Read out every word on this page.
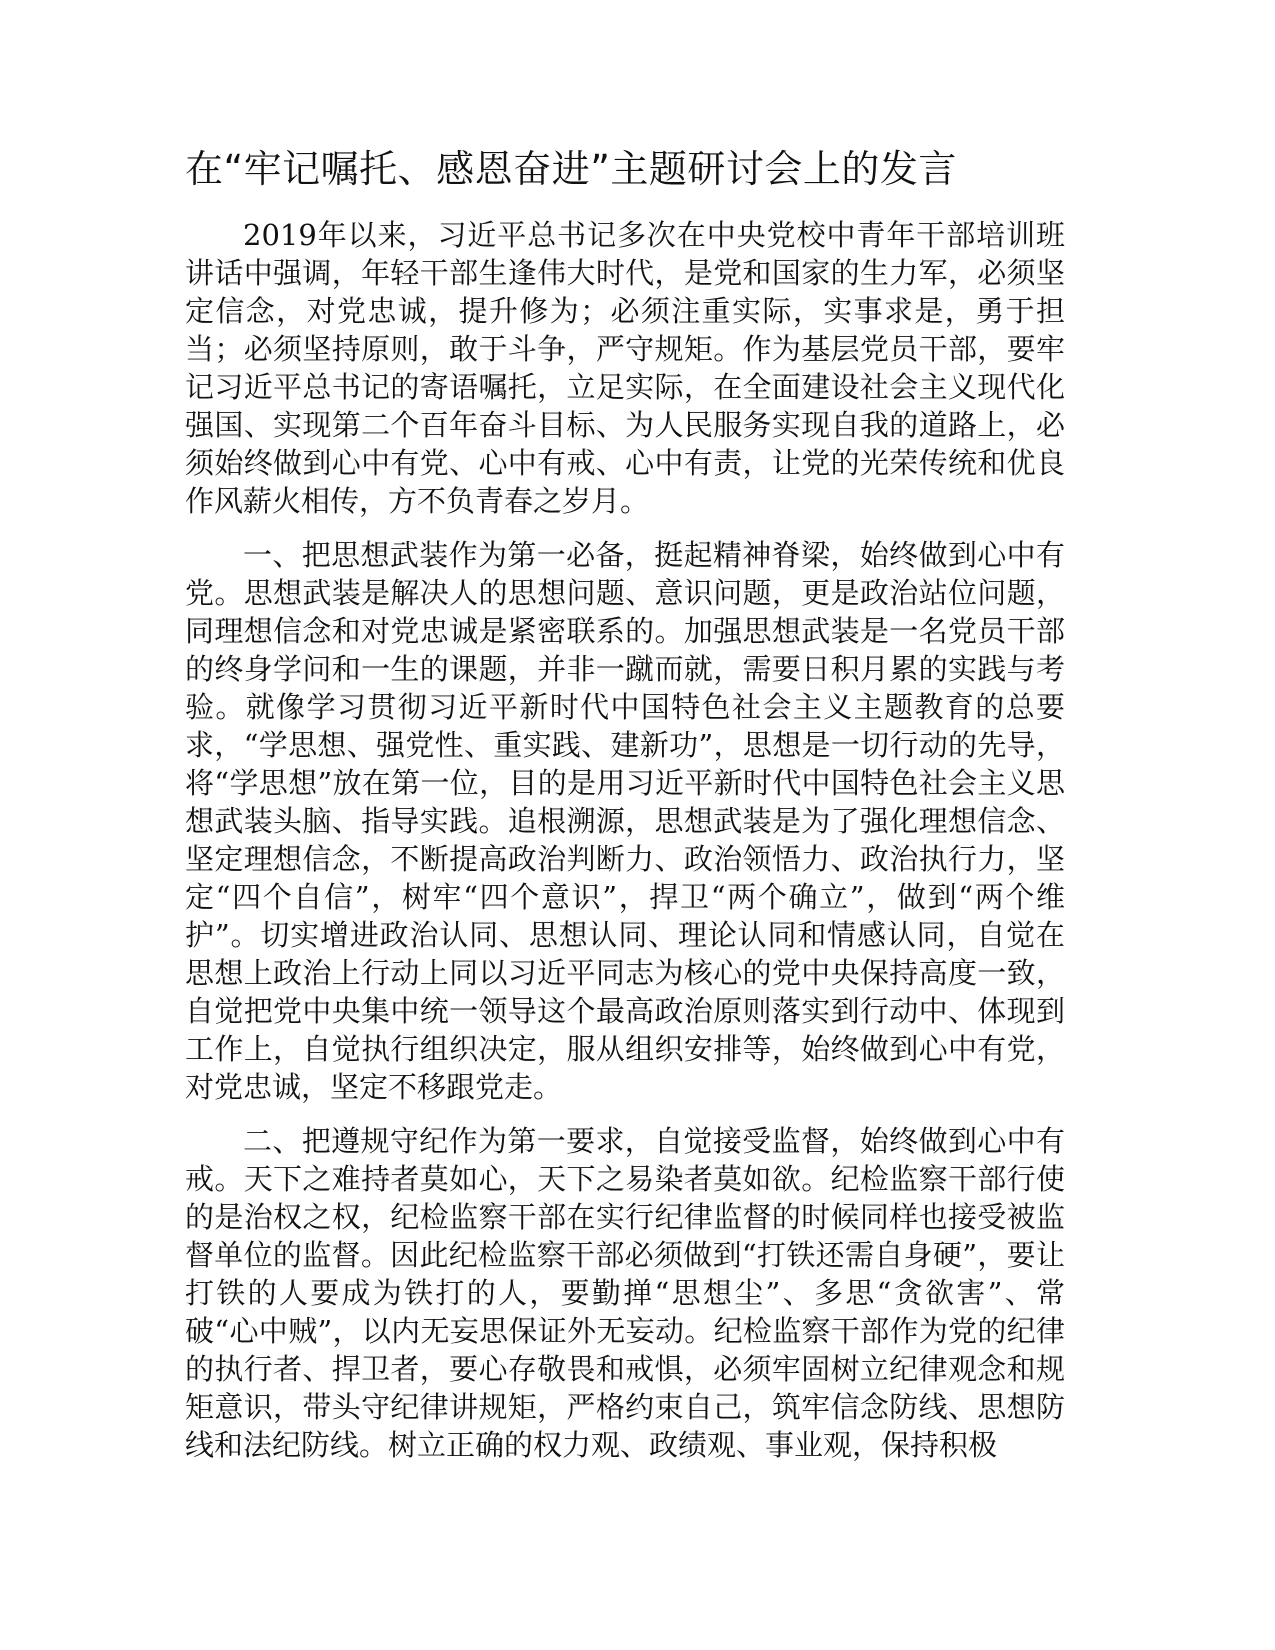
在“牢记嘱托、感恩奋进”主题研讨会上的发言

2019年以来，习近平总书记多次在中央党校中青年干部培训班讲话中强调，年轻干部生逢伟大时代，是党和国家的生力军，必须坚定信念，对党忠诚，提升修为；必须注重实际，实事求是，勇于担当；必须坚持原则，敢于斗争，严守规矩。作为基层党员干部，要牢记习近平总书记的寄语嘱托，立足实际，在全面建设社会主义现代化强国、实现第二个百年奋斗目标、为人民服务实现自我的道路上，必须始终做到心中有党、心中有戒、心中有责，让党的光荣传统和优良作风薪火相传，方不负青春之岁月。

一、把思想武装作为第一必备，挺起精神脊梁，始终做到心中有党。思想武装是解决人的思想问题、意识问题，更是政治站位问题，同理想信念和对党忠诚是紧密联系的。加强思想武装是一名党员干部的终身学问和一生的课题，并非一蹴而就，需要日积月累的实践与考验。就像学习贯彻习近平新时代中国特色社会主义主题教育的总要求，“学思想、强党性、重实践、建新功”，思想是一切行动的先导，将“学思想”放在第一位，目的是用习近平新时代中国特色社会主义思想武装头脑、指导实践。追根溯源，思想武装是为了强化理想信念、坚定理想信念，不断提高政治判断力、政治领悟力、政治执行力，坚定“四个自信”，树牢“四个意识”，捍卫“两个确立”，做到“两个维护”。切实增进政治认同、思想认同、理论认同和情感认同，自觉在思想上政治上行动上同以习近平同志为核心的党中央保持高度一致，自觉把党中央集中统一领导这个最高政治原则落实到行动中、体现到工作上，自觉执行组织决定，服从组织安排等，始终做到心中有党，对党忠诚，坚定不移跟党走。

二、把遵规守纪作为第一要求，自觉接受监督，始终做到心中有戒。天下之难持者莫如心，天下之易染者莫如欲。纪检监察干部行使的是治权之权，纪检监察干部在实行纪律监督的时候同样也接受被监督单位的监督。因此纪检监察干部必须做到“打铁还需自身硬”，要让打铁的人要成为铁打的人，要勤掸“思想尘”、多思“贪欲害”、常破“心中贼”，以内无妄思保证外无妄动。纪检监察干部作为党的纪律的执行者、捍卫者，要心存敬畏和戒惧，必须牢固树立纪律观念和规矩意识，带头守纪律讲规矩，严格约束自己，筑牢信念防线、思想防线和法纪防线。树立正确的权力观、政绩观、事业观，保持积极
